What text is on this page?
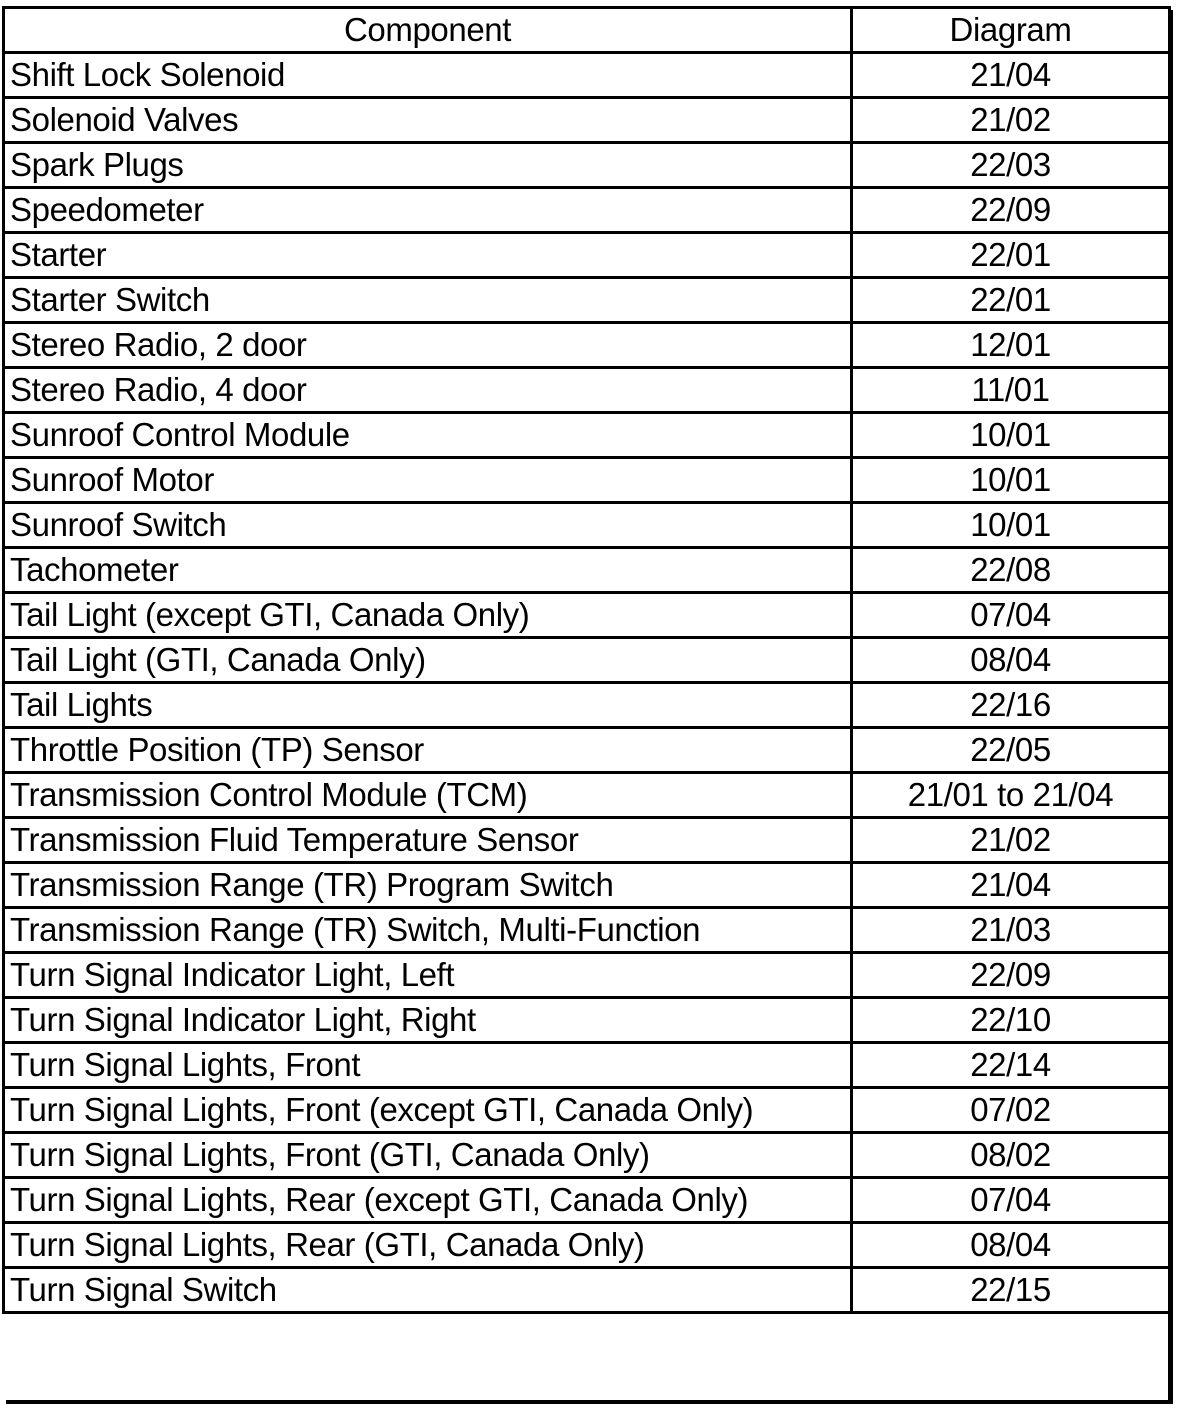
Component	Diagram
Shift Lock Solenoid	21/04
Solenoid Valves	21/02
Spark Plugs	22/03
Speedometer	22/09
Starter	22/01
Starter Switch	22/01
Stereo Radio, 2 door	12/01
Stereo Radio, 4 door	11/01
Sunroof Control Module	10/01
Sunroof Motor	10/01
Sunroof Switch	10/01
Tachometer	22/08
Tail Light (except GTI, Canada Only)	07/04
Tail Light (GTI, Canada Only)	08/04
Tail Lights	22/16
Throttle Position (TP) Sensor	22/05
Transmission Control Module (TCM)	21/01 to 21/04
Transmission Fluid Temperature Sensor	21/02
Transmission Range (TR) Program Switch	21/04
Transmission Range (TR) Switch, Multi-Function	21/03
Turn Signal Indicator Light, Left	22/09
Turn Signal Indicator Light, Right	22/10
Turn Signal Lights, Front	22/14
Turn Signal Lights, Front (except GTI, Canada Only)	07/02
Turn Signal Lights, Front (GTI, Canada Only)	08/02
Turn Signal Lights, Rear (except GTI, Canada Only)	07/04
Turn Signal Lights, Rear (GTI, Canada Only)	08/04
Turn Signal Switch	22/15
